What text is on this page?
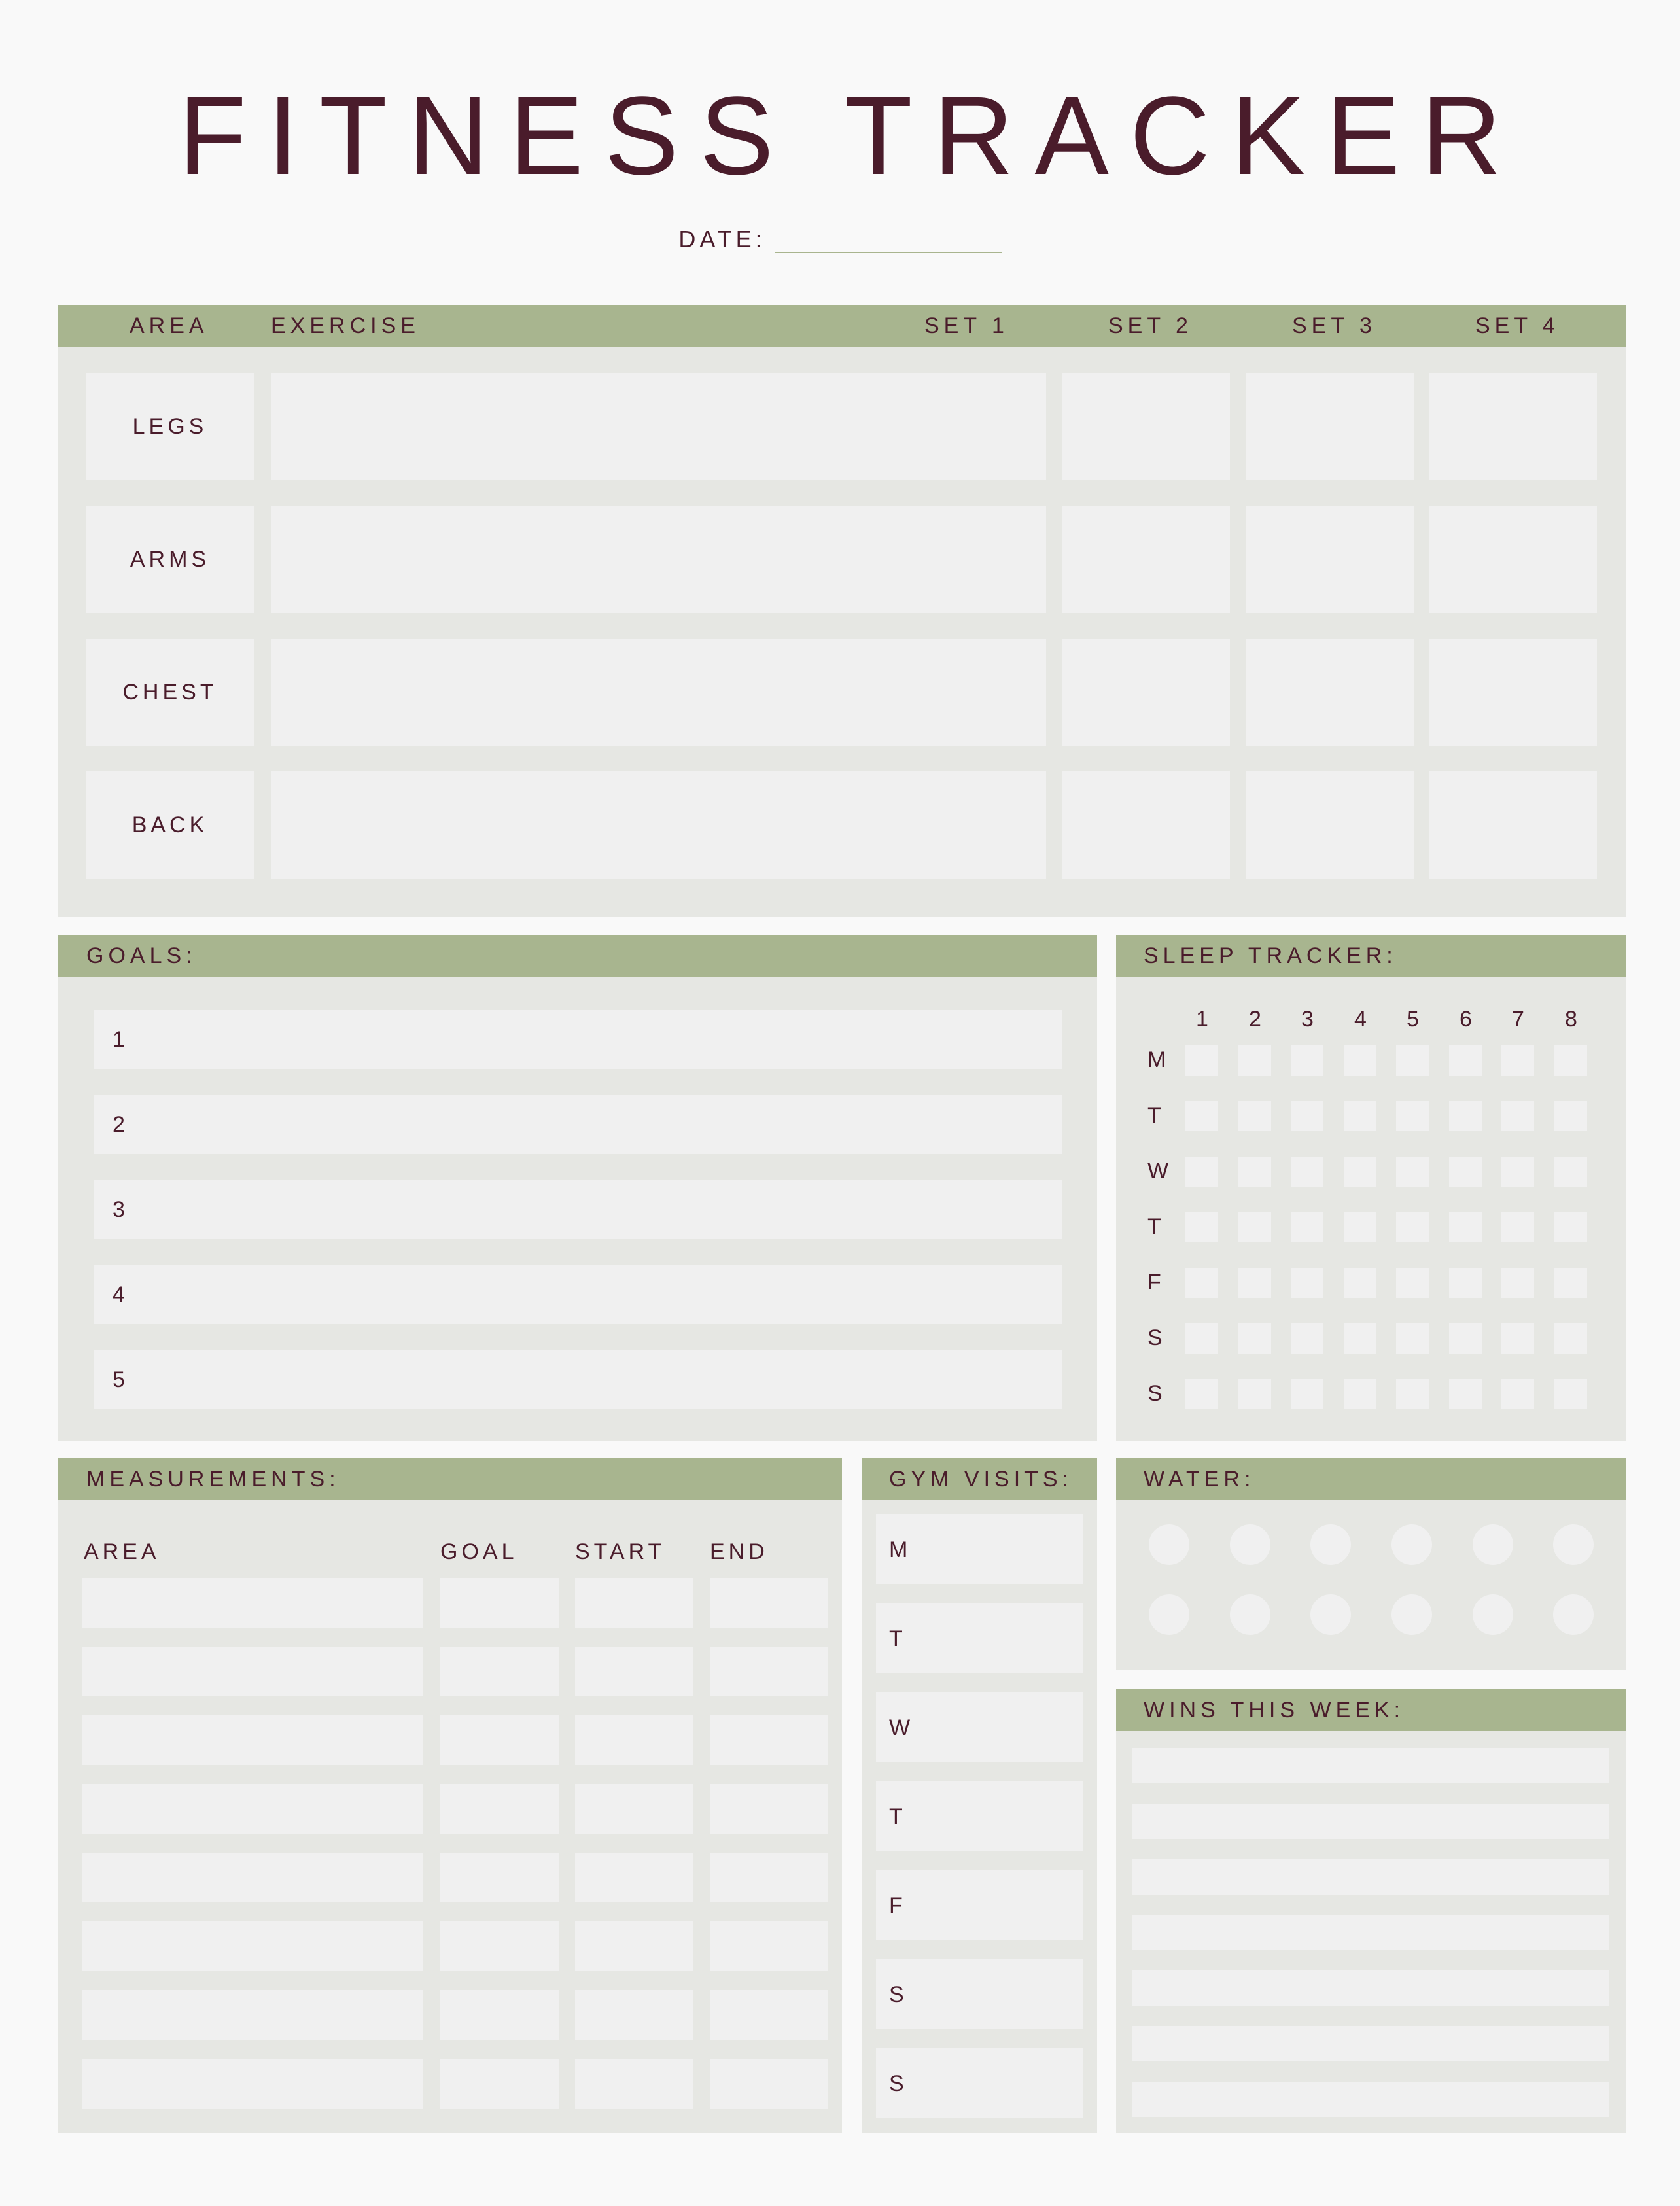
FITNESS TRACKER
DATE:
AREA	EXERCISE	SET 1	SET 2	SET 3	SET 4
LEGS
ARMS
CHEST
BACK
GOALS:
1
2
3
4
5
SLEEP TRACKER:
1 2 3 4 5 6 7 8
M
T
W
T
F
S
S
MEASUREMENTS:
AREA	GOAL	START END
GYM VISITS:
M
T
W
T
F
S
S
WATER:
WINS THIS WEEK:
